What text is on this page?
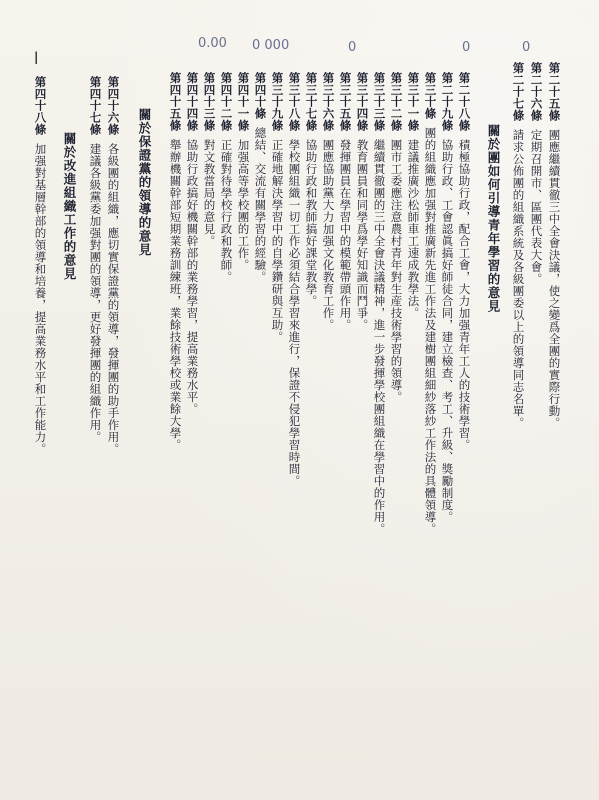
0.00 0 000	0	0	0
|
第二十五條團應繼續貫徹三中全會決議，使之變爲全團的實際行動。
第二十六條定期召開市、區團代表大會。
第二十七條請求公佈團的組織系統及各級團委以上的領導同志名單。
關於團如何引導青年學習的意見
第二十八條積極協助行政，配合工會，大力加强青年工人的技術學習。
第二十九條協助行政、工會認眞搞好師徒合同，建立檢查、考工、升級、獎勵制度。
第三十條團的組織應加强對推廣新先進工作法及建樹團組細紗落紗工作法的具體領導。
第三十一條建議推廣沙松師車工速成教學法。
第三十二條團市工委應注意農村青年對生産技術學習的領導。
第三十三條繼續貫徹團的三中全會決議精神，進一步發揮學校團組織在學習中的作用。
第三十四條教育團員和同學爲學好知識而鬥爭。
第三十五條發揮團員在學習中的模範帶頭作用。
第三十六條團應協助黨大力加强文化教育工作。
第三十七條協助行政和教師搞好課堂教學。
第三十八條學校團組織一切工作必須結合學習來進行，保證不侵犯學習時間。
第三十九條正確地解決學習中的自學鑽研與互助。
第四十條總結、交流有關學習的經驗。
第四十一條加强高等學校團的工作。
第四十二條正確對待學校行政和教師。
第四十三條對文教當局的意見。
第四十四條協助行政搞好機關幹部的業務學習，提高業務水平。
第四十五條舉辦機關幹部短期業務訓練班，業餘技術學校或業餘大學。
關於保證黨的領導的意見
第四十六條各級團的組織，應切實保證黨的領導，發揮團的助手作用。
第四十七條建議各級黨委加强對團的領導，更好發揮團的組織作用。
關於改進組織工作的意見
第四十八條加强對基層幹部的領導和培養，提高業務水平和工作能力。
